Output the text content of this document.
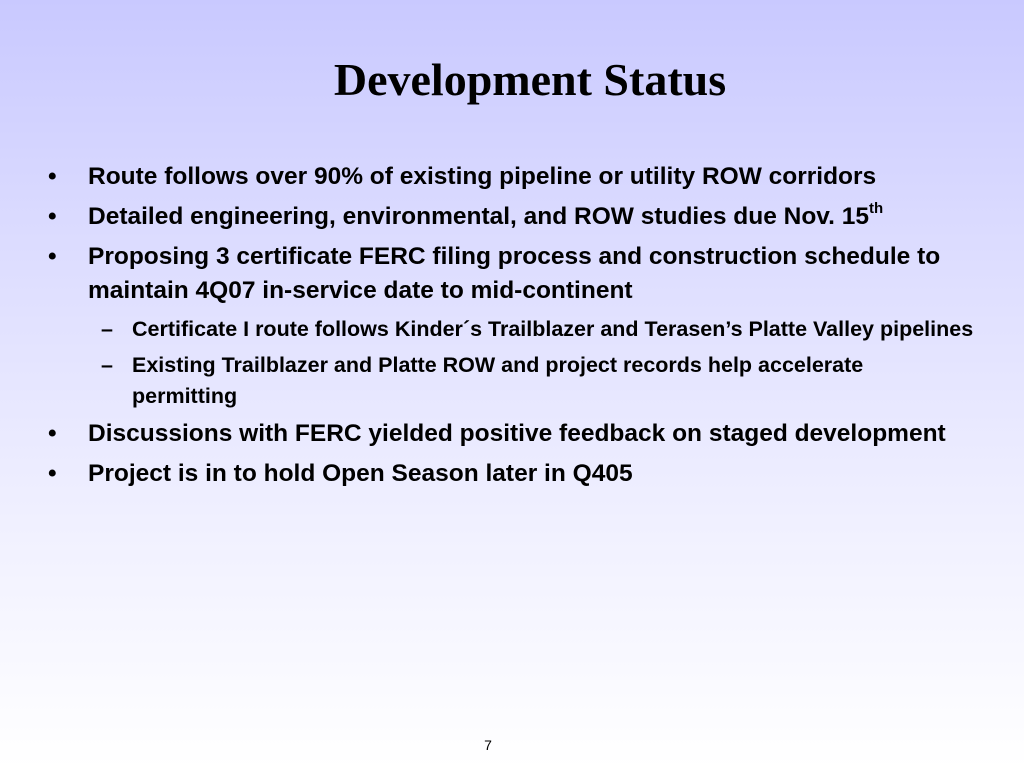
Development Status
• Route follows over 90% of existing pipeline or utility ROW corridors
• Detailed engineering, environmental, and ROW studies due Nov. 15th
• Proposing 3 certificate FERC filing process and construction schedule to maintain 4Q07 in-service date to mid-continent
– Certificate I route follows Kinder´s Trailblazer and Terasen’s Platte Valley pipelines
– Existing Trailblazer and Platte ROW and project records help accelerate permitting
• Discussions with FERC yielded positive feedback on staged development
• Project is in to hold Open Season later in Q405
7
